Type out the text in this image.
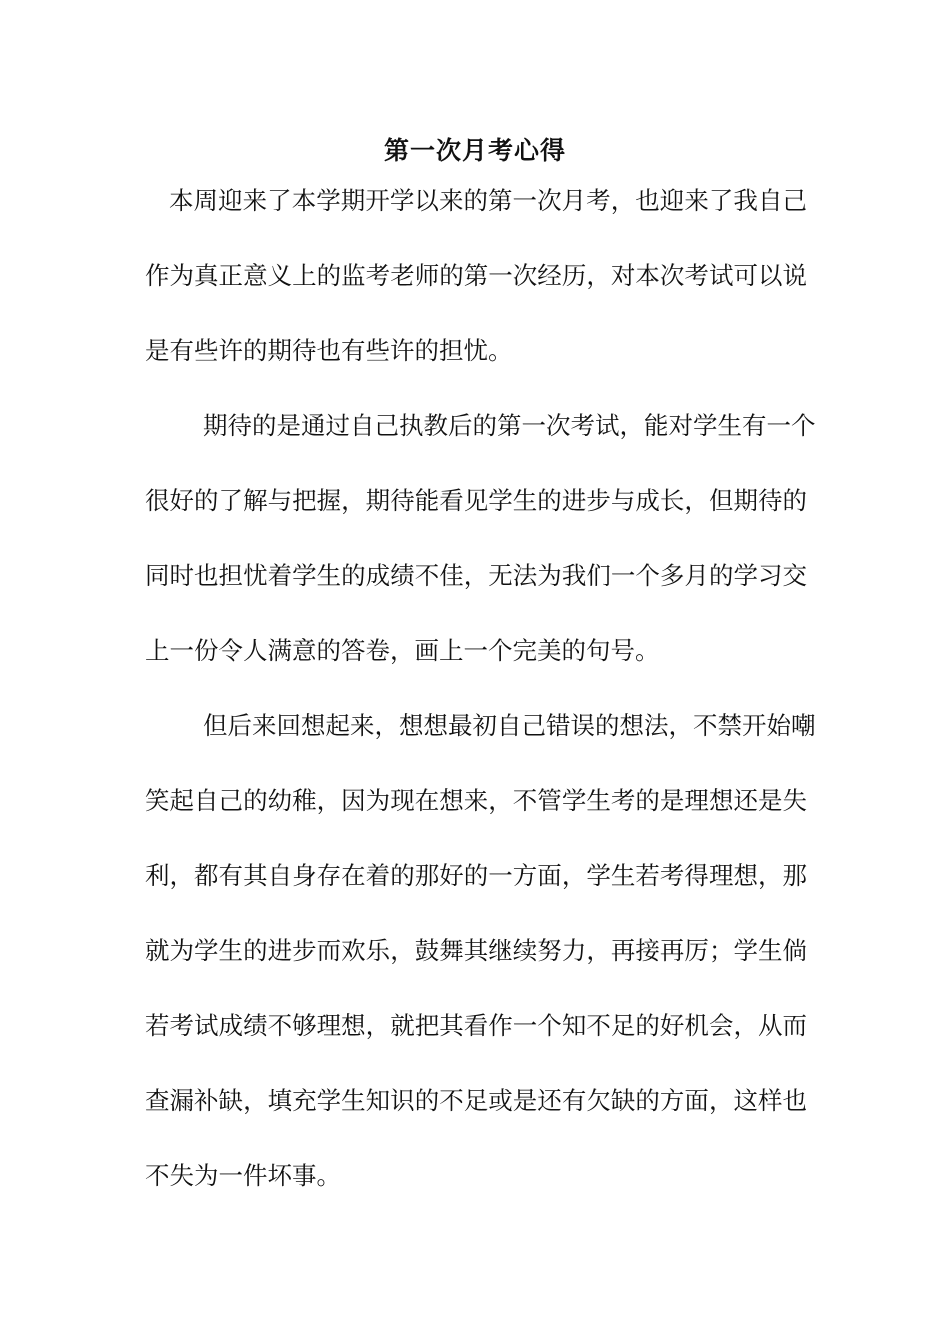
第一次月考心得

本周迎来了本学期开学以来的第一次月考，也迎来了我自己

作为真正意义上的监考老师的第一次经历，对本次考试可以说

是有些许的期待也有些许的担忧。

期待的是通过自己执教后的第一次考试，能对学生有一个

很好的了解与把握，期待能看见学生的进步与成长，但期待的

同时也担忧着学生的成绩不佳，无法为我们一个多月的学习交

上一份令人满意的答卷，画上一个完美的句号。

但后来回想起来，想想最初自己错误的想法，不禁开始嘲

笑起自己的幼稚，因为现在想来，不管学生考的是理想还是失

利，都有其自身存在着的那好的一方面，学生若考得理想，那

就为学生的进步而欢乐，鼓舞其继续努力，再接再厉；学生倘

若考试成绩不够理想，就把其看作一个知不足的好机会，从而

查漏补缺，填充学生知识的不足或是还有欠缺的方面，这样也

不失为一件坏事。
